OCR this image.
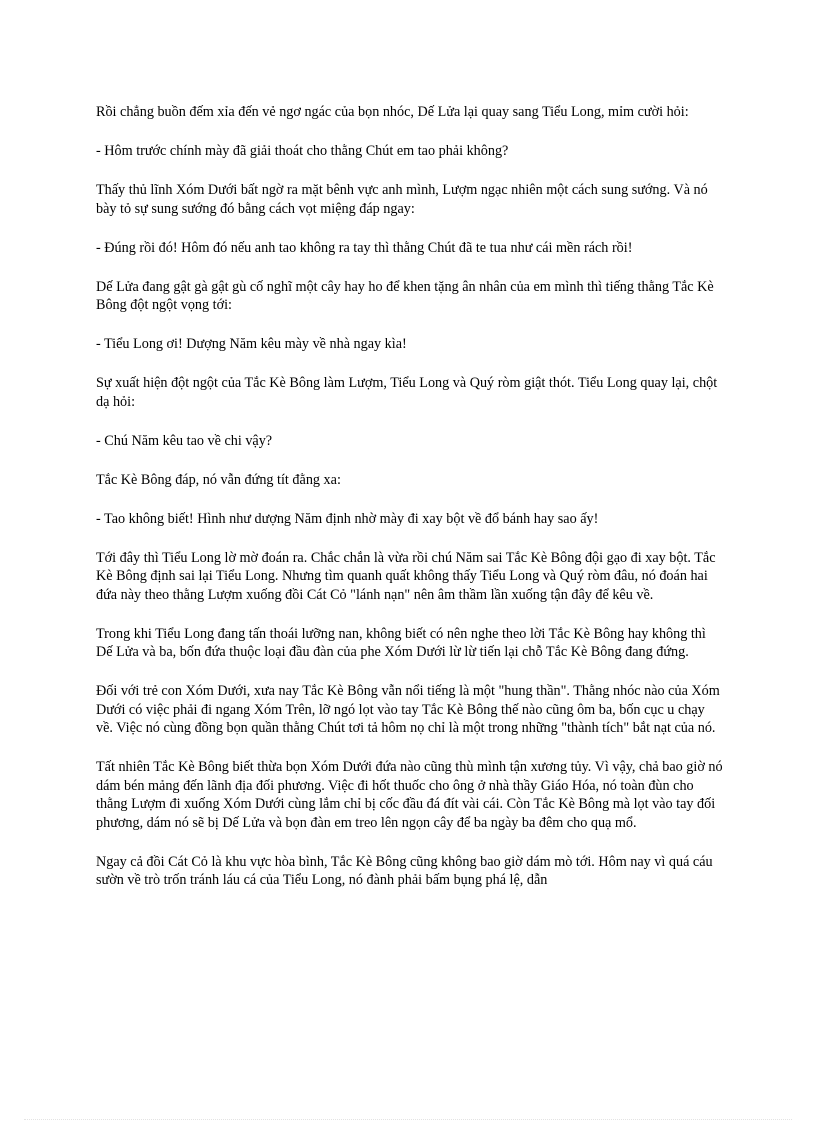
Rồi chẳng buồn đếm xỉa đến vẻ ngơ ngác của bọn nhóc, Dế Lửa lại quay sang Tiểu Long, mỉm cười hỏi:

- Hôm trước chính mày đã giải thoát cho thằng Chút em tao phải không?

Thấy thủ lĩnh Xóm Dưới bất ngờ ra mặt bênh vực anh mình, Lượm ngạc nhiên một cách sung sướng. Và nó bày tỏ sự sung sướng đó bằng cách vọt miệng đáp ngay:

- Đúng rồi đó! Hôm đó nếu anh tao không ra tay thì thằng Chút đã te tua như cái mền rách rồi!

Dế Lửa đang gật gà gật gù cố nghĩ một cây hay ho để khen tặng ân nhân của em mình thì tiếng thằng Tắc Kè Bông đột ngột vọng tới:

- Tiểu Long ơi! Dượng Năm kêu mày về nhà ngay kìa!

Sự xuất hiện đột ngột của Tắc Kè Bông làm Lượm, Tiểu Long và Quý ròm giật thót. Tiểu Long quay lại, chột dạ hỏi:

- Chú Năm kêu tao về chi vậy?

Tắc Kè Bông đáp, nó vẫn đứng tít đằng xa:

- Tao không biết! Hình như dượng Năm định nhờ mày đi xay bột về đổ bánh hay sao ấy!

Tới đây thì Tiểu Long lờ mờ đoán ra. Chắc chắn là vừa rồi chú Năm sai Tắc Kè Bông đội gạo đi xay bột. Tắc Kè Bông định sai lại Tiểu Long. Nhưng tìm quanh quất không thấy Tiểu Long và Quý ròm đâu, nó đoán hai đứa này theo thằng Lượm xuống đồi Cát Cỏ "lánh nạn" nên âm thầm lần xuống tận đây để kêu về.

Trong khi Tiểu Long đang tấn thoái lưỡng nan, không biết có nên nghe theo lời Tắc Kè Bông hay không thì Dế Lửa và ba, bốn đứa thuộc loại đầu đàn của phe Xóm Dưới lừ lừ tiến lại chỗ Tắc Kè Bông đang đứng.

Đối với trẻ con Xóm Dưới, xưa nay Tắc Kè Bông vẫn nổi tiếng là một "hung thần". Thằng nhóc nào của Xóm Dưới có việc phải đi ngang Xóm Trên, lỡ ngó lọt vào tay Tắc Kè Bông thế nào cũng ôm ba, bốn cục u chạy về. Việc nó cùng đồng bọn quần thằng Chút tơi tả hôm nọ chỉ là một trong những "thành tích" bắt nạt của nó.

Tất nhiên Tắc Kè Bông biết thừa bọn Xóm Dưới đứa nào cũng thù mình tận xương tủy. Vì vậy, chả bao giờ nó dám bén mảng đến lãnh địa đối phương. Việc đi hốt thuốc cho ông ở nhà thầy Giáo Hóa, nó toàn đùn cho thằng Lượm đi xuống Xóm Dưới cùng lắm chỉ bị cốc đầu đá đít vài cái. Còn Tắc Kè Bông mà lọt vào tay đối phương, dám nó sẽ bị Dế Lửa và bọn đàn em treo lên ngọn cây để ba ngày ba đêm cho quạ mổ.

Ngay cả đồi Cát Cỏ là khu vực hòa bình, Tắc Kè Bông cũng không bao giờ dám mò tới. Hôm nay vì quá cáu sườn về trò trốn tránh láu cá của Tiểu Long, nó đành phải bấm bụng phá lệ, dẫn
